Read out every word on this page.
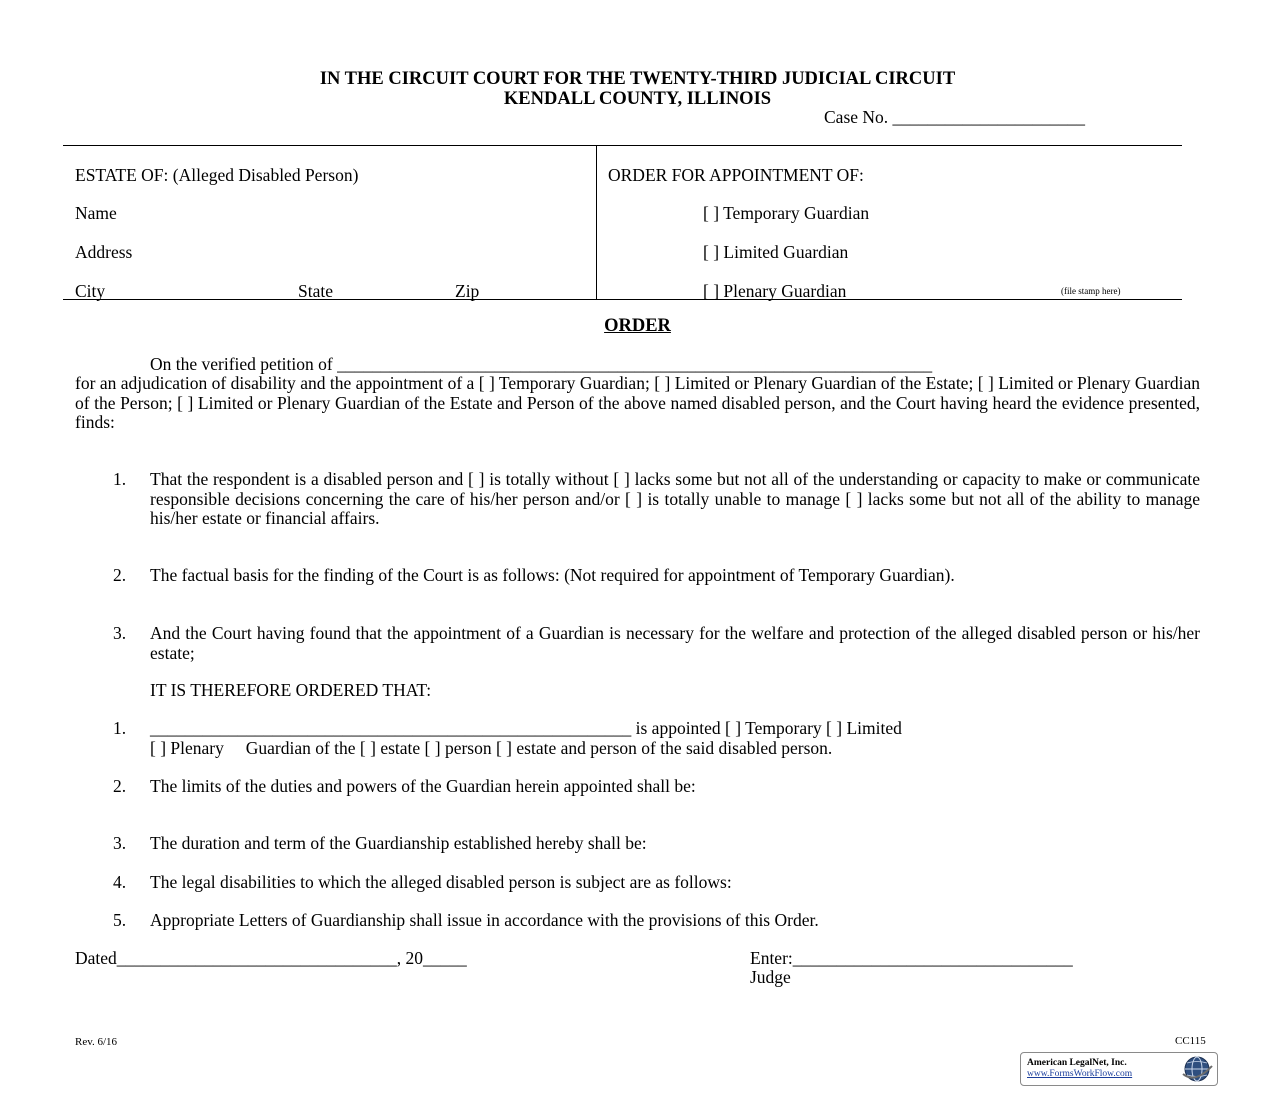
IN THE CIRCUIT COURT FOR THE TWENTY-THIRD JUDICIAL CIRCUIT
KENDALL COUNTY, ILLINOIS
Case No. ______________________
ESTATE OF: (Alleged Disabled Person)
Name
Address
City	State	Zip
ORDER FOR APPOINTMENT OF:
[ ] Temporary Guardian
[ ] Limited Guardian
[ ] Plenary Guardian	(file stamp here)
ORDER
On the verified petition of ____________________________________________________________________
for an adjudication of disability and the appointment of a [ ] Temporary Guardian; [ ] Limited or Plenary Guardian of the Estate; [ ] Limited or Plenary Guardian of the Person; [ ] Limited or Plenary Guardian of the Estate and Person of the above named disabled person, and the Court having heard the evidence presented, finds:
1. That the respondent is a disabled person and [ ] is totally without [ ] lacks some but not all of the understanding or capacity to make or communicate responsible decisions concerning the care of his/her person and/or [ ] is totally unable to manage [ ] lacks some but not all of the ability to manage his/her estate or financial affairs.
2. The factual basis for the finding of the Court is as follows: (Not required for appointment of Temporary Guardian).
3. And the Court having found that the appointment of a Guardian is necessary for the welfare and protection of the alleged disabled person or his/her estate;
IT IS THEREFORE ORDERED THAT:
1. _______________________________________________________ is appointed [ ] Temporary [ ] Limited
[ ] Plenary     Guardian of the [ ] estate [ ] person [ ] estate and person of the said disabled person.
2. The limits of the duties and powers of the Guardian herein appointed shall be:
3. The duration and term of the Guardianship established hereby shall be:
4. The legal disabilities to which the alleged disabled person is subject are as follows:
5. Appropriate Letters of Guardianship shall issue in accordance with the provisions of this Order.
Dated________________________________, 20_____	Enter:________________________________
Judge
Rev. 6/16	CC115
American LegalNet, Inc.
www.FormsWorkFlow.com
